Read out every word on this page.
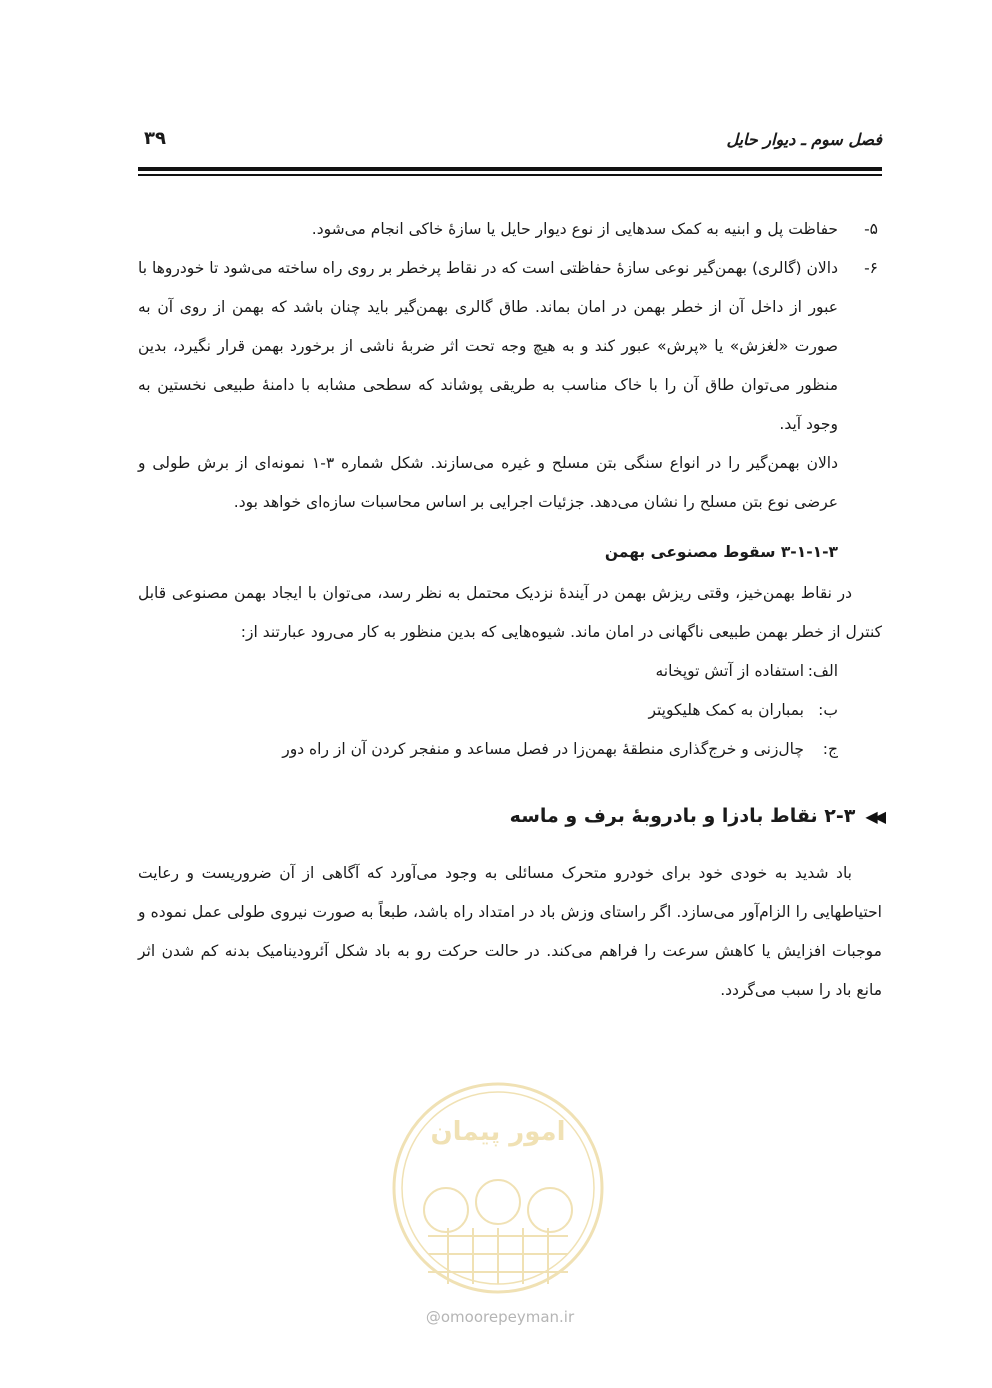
فصل سوم ـ دیوار حایل
۳۹
۵-
حفاظت پل و ابنیه به کمک سدهایی از نوع دیوار حایل یا سازهٔ خاکی انجام می‌شود.
۶-
دالان (گالری) بهمن‌گیر نوعی سازهٔ حفاظتی است که در نقاط پرخطر بر روی راه ساخته می‌شود تا خودروها با عبور از داخل آن از خطر بهمن در امان بماند. طاق گالری بهمن‌گیر باید چنان باشد که بهمن از روی آن به صورت «لغزش» یا «پرش» عبور کند و به هیچ وجه تحت اثر ضربهٔ ناشی از برخورد بهمن قرار نگیرد، بدین منظور می‌توان طاق آن را با خاک مناسب به طریقی پوشاند که سطحی مشابه با دامنهٔ طبیعی نخستین به وجود آید.

دالان بهمن‌گیر را در انواع سنگی بتن مسلح و غیره می‌سازند. شکل شماره ۳-۱ نمونه‌ای از برش طولی و عرضی نوع بتن مسلح را نشان می‌دهد. جزئیات اجرایی بر اساس محاسبات سازه‌ای خواهد بود.

۳-۱-۱-۳ سقوط مصنوعی بهمن

در نقاط بهمن‌خیز، وقتی ریزش بهمن در آیندهٔ نزدیک محتمل به نظر رسد، می‌توان با ایجاد بهمن مصنوعی قابل کنترل از خطر بهمن طبیعی ناگهانی در امان ماند. شیوه‌هایی که بدین منظور به کار می‌رود عبارتند از:

الف:
استفاده از آتش توپخانه
ب:
بمباران به کمک هلیکوپتر
ج:
چال‌زنی و خرج‌گذاری منطقهٔ بهمن‌زا در فصل مساعد و منفجر کردن آن از راه دور
◀◀
۲-۳ نقاط بادزا و بادروبهٔ برف و ماسه

باد شدید به خودی خود برای خودرو متحرک مسائلی به وجود می‌آورد که آگاهی از آن ضروریست و رعایت احتیاطهایی را الزام‌آور می‌سازد. اگر راستای وزش باد در امتداد راه باشد، طبعاً به صورت نیروی طولی عمل نموده و موجبات افزایش یا کاهش سرعت را فراهم می‌کند. در حالت حرکت رو به باد شکل آئرودینامیک بدنه کم شدن اثر مانع باد را سبب می‌گردد.

امور پیمان
@omoorepeyman.ir
